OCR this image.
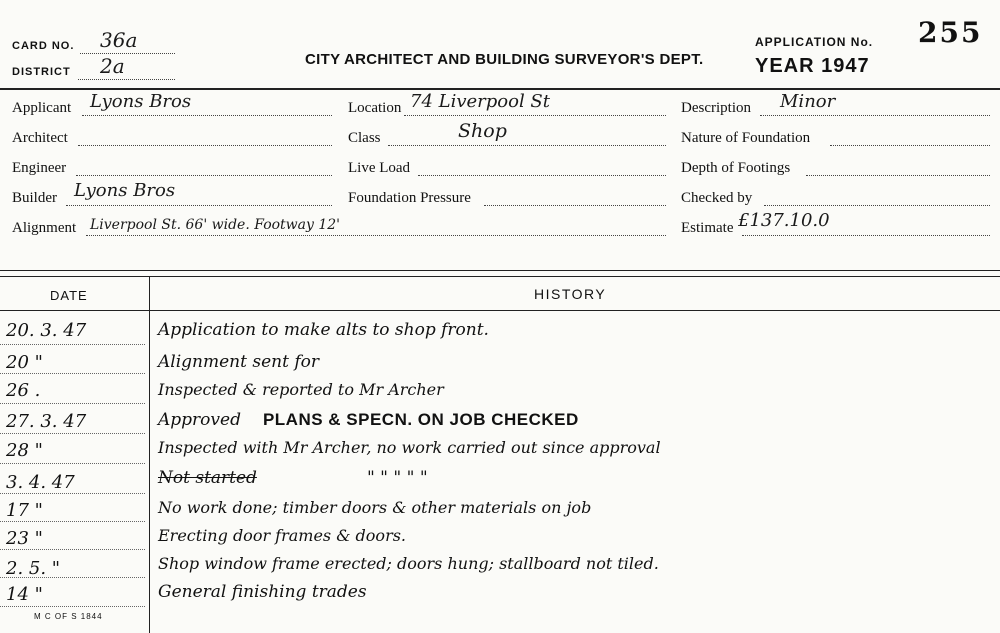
CARD NO. 36a
DISTRICT 2a	CITY ARCHITECT AND BUILDING SURVEYOR'S DEPT.
APPLICATION No. 255
YEAR 1947
Applicant Lyons Bros
Architect
Engineer
Builder Lyons Bros
Alignment Liverpool St. 66' wide. Footway 12'
Location 74 Liverpool St
Class	Shop
Live Load
Foundation Pressure
Description Minor
Nature of Foundation
Depth of Footings
Checked by
Estimate £137.10.0
DATE	HISTORY
20. 3. 47	Application to make alts to shop front.
20 "	Alignment sent for
26 .	Inspected & reported to Mr Archer
27. 3. 47	Approved PLANS & SPECN. ON JOB CHECKED
28 "	Inspected with Mr Archer, no work carried out since approval
3. 4. 47	Not started	" " " " "
17 "	No work done; timber doors & other materials on job
23 "	Erecting door frames & doors.
2. 5. "	Shop window frame erected; doors hung; stallboard not tiled.
14 "	General finishing trades
M C OF S 1844
